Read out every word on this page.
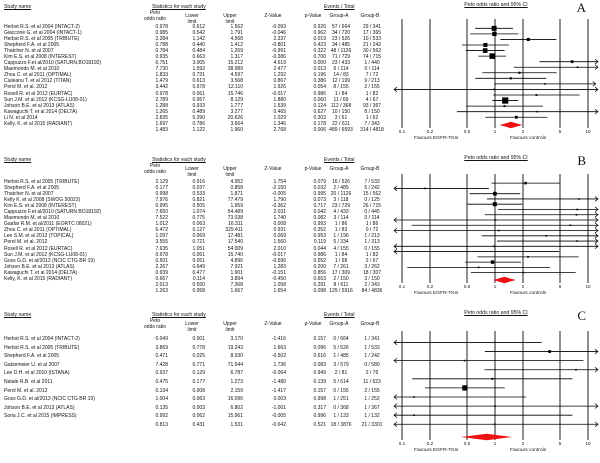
Study name	Statistics for each study	Events / Total
Peto
odds ratio	Lower
limit
Upper
limit
Z-Value	p-Value	Group-A	Group-B
Herbst R.S. et al 2004 (INTACT-2)	0.978	0.612	1.562	-0.093	0.926	57 / 664	29 / 341
Giaccone G. et al 2004 (INTACT-1)	0.985	0.542	1.791	-0.046	0.962	34 / 720	17 / 365
Herbst R.S. et al 2005 (TRIBUTE)	2.284	1.142	4.568	2.337	0.019	23 / 526	10 / 533
Shepherd F.A. et al 2005	0.788	0.440	1.412	-0.801	0.423	34 / 485	21 / 242
Thatcher N. et al 2007	0.784	0.484	1.269	-0.991	0.322 48 / 1126	30 / 562
Kim E.S. et al 2008 (INTEREST)	0.935	0.663	1.317	-0.386	0.700	71 / 729	74 / 715
Cappuzzo F.et al/2010 (SATURN,BO18192)	6.751	3.005	15.212	4.619	0.000	23 / 433	1 / 440
Maemondo M. et al 2010	7.730	1.592	38.989	2.477	0.013	6 / 114	0 / 114
Zhou C. et al 2011 (OPTIMAL)	1.833	0.731	4.597	1.292	0.196	14 / 83	7 / 72
Ciuleanu T. et al 2012 (TITAN)	1.479	0.613	3.568	0.867	0.386	12 / 199	9 / 213
Perol M. et al. 2012	3.442	0.978	12.110	1.926	0.054	8 / 155	2 / 155
Rosell R. et al 2012 (EURTAC)	0.978	0.061	15.746	-0.017	0.986	1 / 84	1 / 82
Sun J.M. et al 2012 (KCSG-LU08-01)	2.789	0.957	8.129	1.880	0.060	11 / 69	4 / 67
Johson B.E. et al 2013 (ATLAS)	1.288	0.933	1.777	1.539	0.124 112 / 368	93 / 367
Kawaguchi T. et al 2014 (DELTA)	1.265	0.489	3.277	0.465	0.627	10 / 150	8 / 150
Li N. et al 2014	2.835	0.390	20.626	1.029	0.303	3 / 61	1 / 62
Kelly, K. et al 2015 (RADIANT)	1.697	0.786	3.664	1.346	0.178	22 / 611	7 / 343
1.483	1.122	1.960	2.768	0.006 489 / 6593	314 / 4818
Peto odds ratio and 95% CI	A
0.1	0.2	0.5	1	2	5	10
Favours EGFR-TKIs	Favours controls
Study name	Statistics for each study	Events / Total
Peto
odds ratio	Lower
limit
Upper
limit
Z-Value	p-Value	Group-A	Group-B
Herbst R.S. et al 2005 (TRIBUTE)	2.129	0.916	4.952	1.754	0.079	16 / 526	7 / 533
Shepherd F.A. et al 2005	0.177	0.037	0.858	-2.150	0.032	2 / 485	5 / 242
Thatcher N. et al 2007	0.998	0.533	1.871	-0.005	0.995 20 / 1126	15 / 562
Kelly K. et al 2008 (SWOG 50023)	7.976	0.821	77.479	1.790	0.073	3 / 118	0 / 125
Kim E.S. et al 2008 (INTEREST)	0.995	0.505	1.959	-0.362	0.717	23 / 729	26 / 715
Cappuzzo F.et al/2010 (SATURN BO18192)	7.650	1.074	54.489	2.031	0.042	4 / 433	0 / 445
Maemondo M. et al 2010	7.522	0.775	73.038	1.740	0.082	3 / 114	0 / 114
Gaafar R.M. et al/2011 (EORTC 08021)	1.012	0.063	16.311	0.008	0.993	1 / 86	1 / 86
Zhou C. et al 2011 (OPTIMAL)	6.472	0.127	329.411	0.931	0.352	1 / 83	0 / 72
Lee S.M. et al 2012 (TOPICAL)	1.097	0.069	17.481	0.069	0.953	1 / 196	1 / 213
Perol M. et al. 2012	3.555	0.721	17.540	1.560	0.119	5 / 334	1 / 313
Rosell R. et al 2012 (EURTAC)	7.635	1.051	54.009	2.010	0.044	4 / 155	0 / 155
Sun J.M. et al 2012 (KCSG-LU08-01)	0.978	0.061	15.740	-0.017	0.986	1 / 84	1 / 82
Goss G.D. et al/2013 (NCIC CTG BR 19)	0.501	0.051	4.896	-0.596	0.552	1 / 68	2 / 67
Johson B.E. et al 2013 (ATLAS)	2.267	0.649	7.921	1.283	0.200	7 / 261	3 / 262
Kawaguchi T. et al 2014 (DELTA)	0.939	0.477	1.901	-0.151	0.856	17 / 309	18 / 307
Kelly, K. et al 2015 (RADIANT)	0.667	0.114	3.894	-0.450	0.653	2 / 150	3 / 150
2.013	0.550	7.368	1.058	0.291	8 / 611	2 / 343
1.263	0.958	1.667	1.654	0.098 129 / 5916	84 / 4836
Peto odds ratio and 95% CI	B
0.1	0.2	0.5	1	2	5	10
Favours EGFR-TKIs	Favours controls
Study name	Statistics for each study	Events / Total
Peto
odds ratio	Lower
limit
Upper
limit
Z-Value	p-Value	Group-A	Group-B
Herbst R.S. et al 2004 (INTACT-2)	0.049	0.001	3.170	-1.416	0.157	0 / 664	1 / 341
Herbst R.S. et al 2005 (TRIBUTE)	3.869	0.778	19.243	1.663	0.096	5 / 526	1 / 533
Shepherd F.A. et al 2005	0.471	0.025	8.930	-0.502	0.616	1 / 485	1 / 242
Gatzemeier U. et al 2007	7.428	0.771	71.544	1.736	0.083	3 / 579	0 / 580
Lee D.H. et al 2010 (ISTANA)	0.937	0.129	6.787	-0.064	0.949	2 / 81	2 / 76
Natale R.B. et al 2011	0.475	0.177	1.273	-1.480	0.139	5 / 614	11 / 623
Perol M. et al. 2012	0.134	0.008	2.159	-1.417	0.157	0 / 155	2 / 155
Goss G.D. et al/2013 (NCIC CTG BR 19)	1.004	0.063	16.096	0.003	0.998	1 / 251	1 / 252
Johson B.E. et al 2013 (ATLAS)	0.135	0.003	6.802	-1.001	0.317	0 / 368	1 / 367
Soria J.C. et al 2015 (IMPRESS)	0.992	0.062	15.961	-0.005	0.996	1 / 133	1 / 132
0.813	0.431	1.531	-0.642	0.521 18 / 3876	21 / 3301
Peto odds ratio and 95% CI	C
0.1	0.2	0.5	1	2	5	10
Favours EGFR-TKIs	Favours controls
